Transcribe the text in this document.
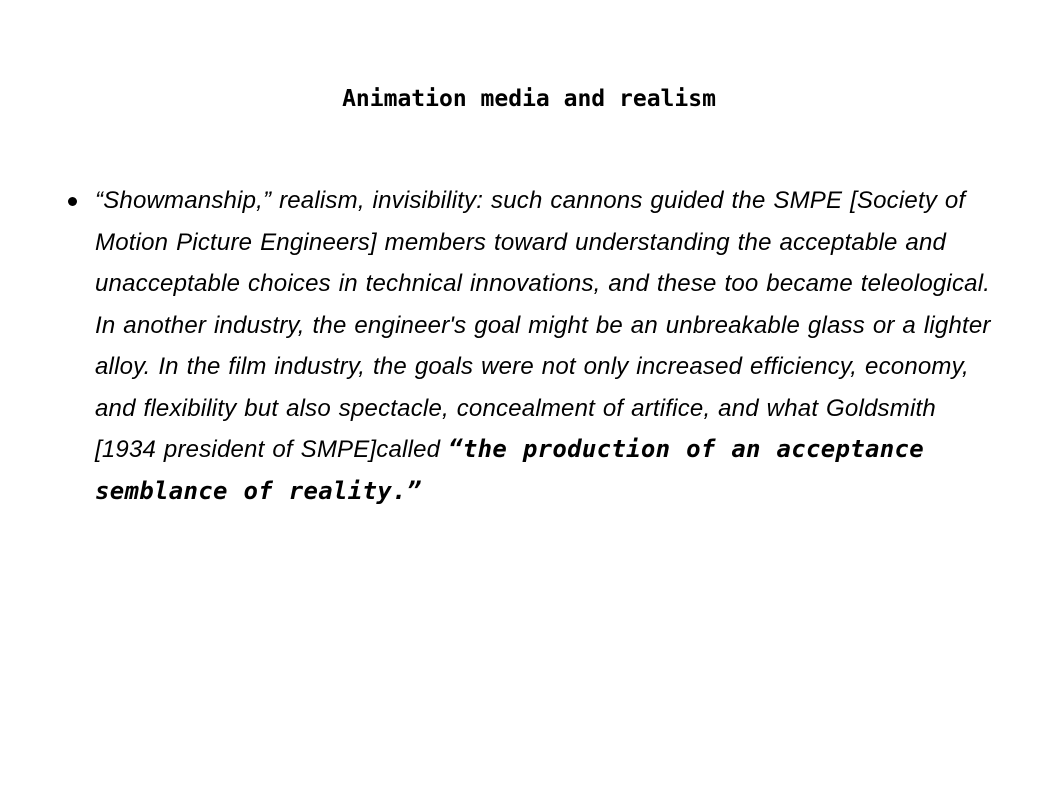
Animation media and realism
“Showmanship,” realism, invisibility: such cannons guided the SMPE [Society of Motion Picture Engineers] members toward understanding the acceptable and unacceptable choices in technical innovations, and these too became teleological. In another industry, the engineer's goal might be an unbreakable glass or a lighter alloy. In the film industry, the goals were not only increased efficiency, economy, and flexibility but also spectacle, concealment of artifice, and what Goldsmith [1934 president of SMPE]called “the production of an acceptance semblance of reality.”
